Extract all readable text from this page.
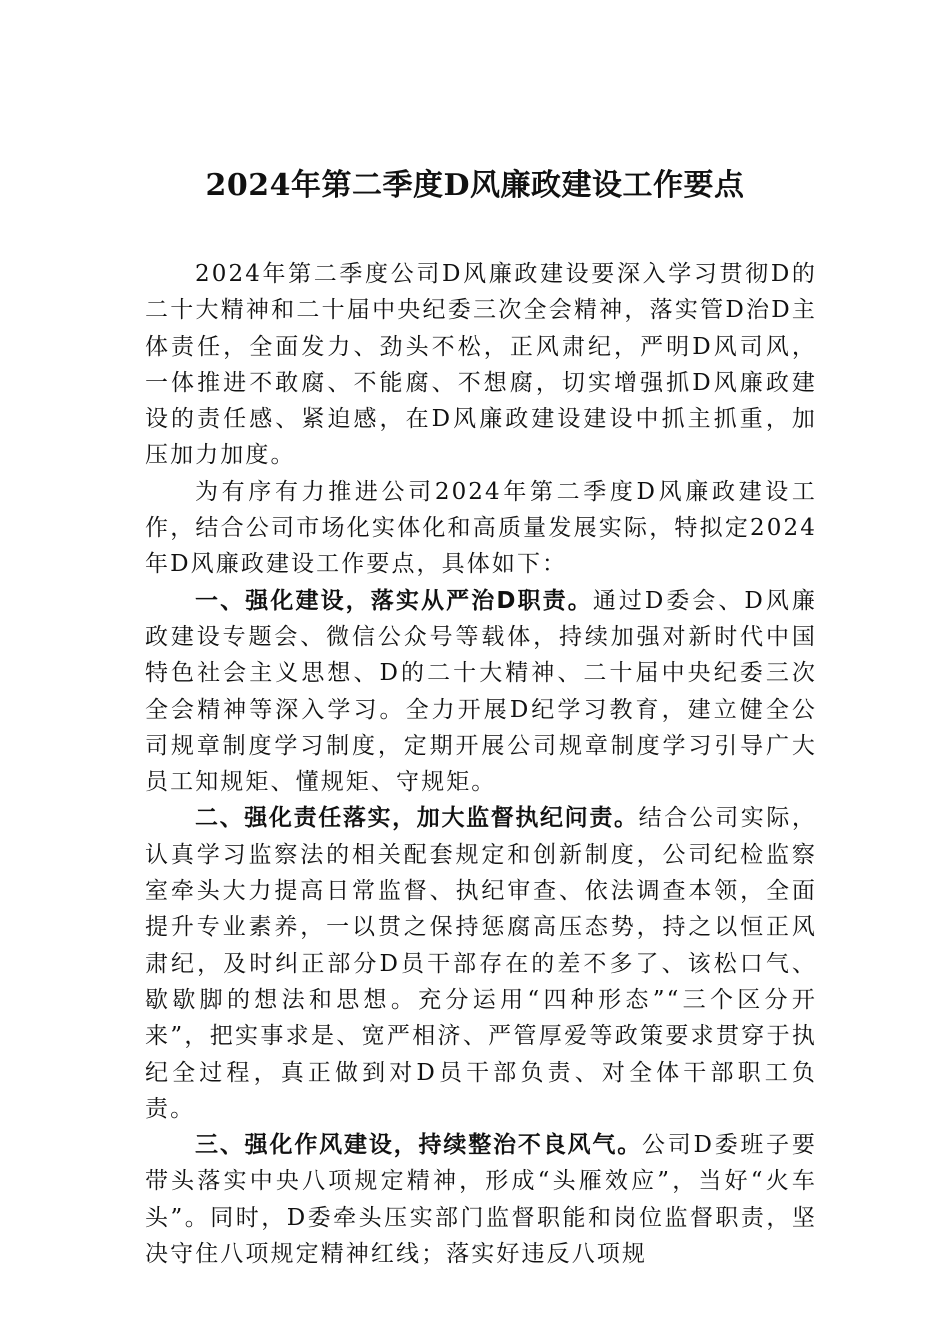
2024年第二季度D风廉政建设工作要点

2024年第二季度公司D风廉政建设要深入学习贯彻D的二十大精神和二十届中央纪委三次全会精神，落实管D治D主体责任，全面发力、劲头不松，正风肃纪，严明D风司风，一体推进不敢腐、不能腐、不想腐，切实增强抓D风廉政建设的责任感、紧迫感，在D风廉政建设建设中抓主抓重，加压加力加度。

为有序有力推进公司2024年第二季度D风廉政建设工作，结合公司市场化实体化和高质量发展实际，特拟定2024年D风廉政建设工作要点，具体如下：

一、强化建设，落实从严治D职责。通过D委会、D风廉政建设专题会、微信公众号等载体，持续加强对新时代中国特色社会主义思想、D的二十大精神、二十届中央纪委三次全会精神等深入学习。全力开展D纪学习教育，建立健全公司规章制度学习制度，定期开展公司规章制度学习引导广大员工知规矩、懂规矩、守规矩。

二、强化责任落实，加大监督执纪问责。结合公司实际，认真学习监察法的相关配套规定和创新制度，公司纪检监察室牵头大力提高日常监督、执纪审查、依法调查本领，全面提升专业素养，一以贯之保持惩腐高压态势，持之以恒正风肃纪，及时纠正部分D员干部存在的差不多了、该松口气、歇歇脚的想法和思想。充分运用“四种形态”“三个区分开来”，把实事求是、宽严相济、严管厚爱等政策要求贯穿于执纪全过程，真正做到对D员干部负责、对全体干部职工负责。

三、强化作风建设，持续整治不良风气。公司D委班子要带头落实中央八项规定精神，形成“头雁效应”，当好“火车头”。同时，D委牵头压实部门监督职能和岗位监督职责，坚决守住八项规定精神红线；落实好违反八项规
